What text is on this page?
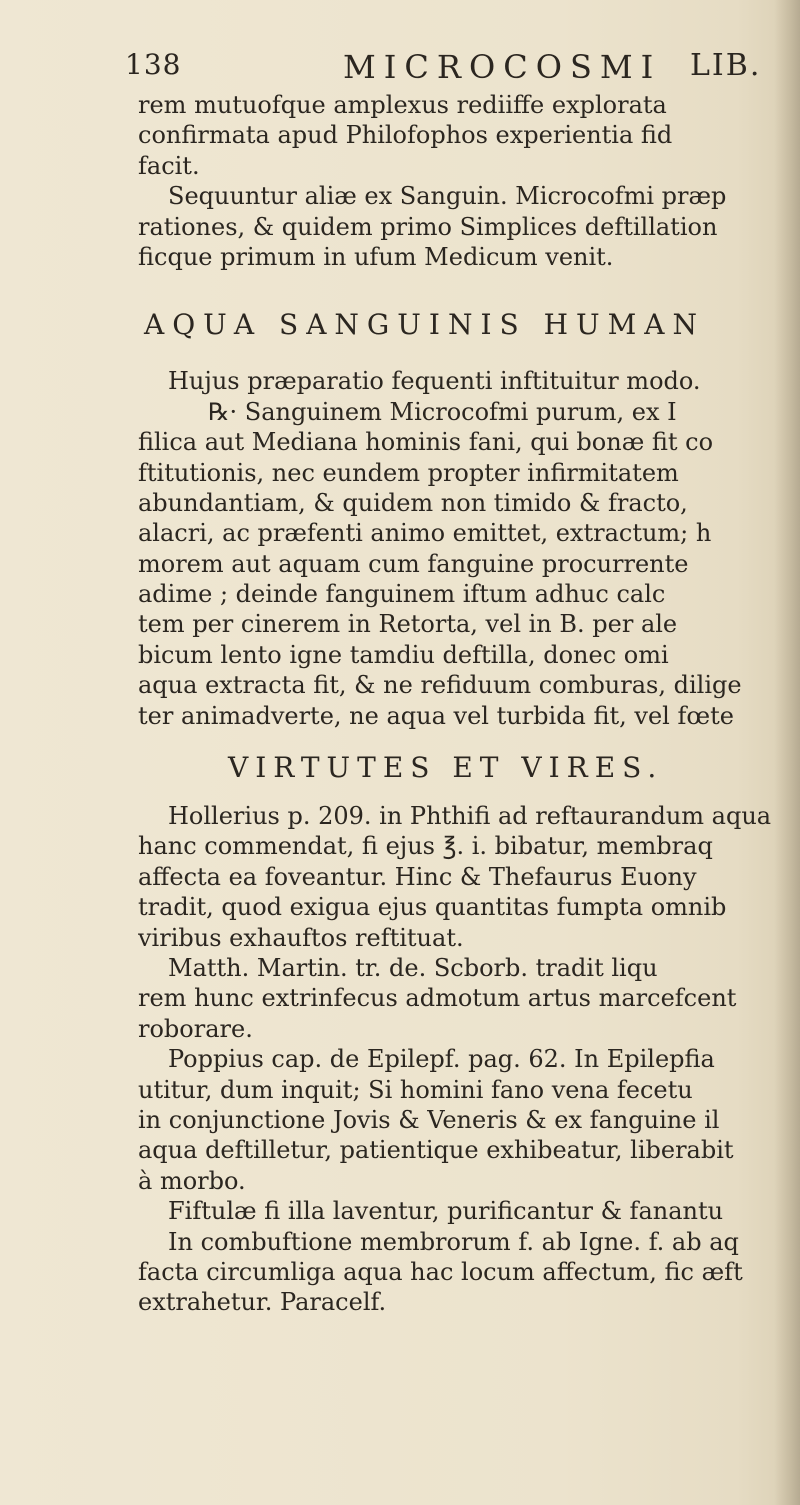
138	MICROCOSMI LIB.
rem mutuofque amplexus rediiffe explorata
confirmata apud Philofophos experientia fid
facit.
Sequuntur aliæ ex Sanguin. Microcofmi præp
rationes, & quidem primo Simplices deftillation
ficque primum in ufum Medicum venit.
AQUA SANGUINIS HUMAN
Hujus præparatio fequenti inftituitur modo.
℞· Sanguinem Microcofmi purum, ex I
filica aut Mediana hominis fani, qui bonæ fit co
ftitutionis, nec eundem propter infirmitatem
abundantiam, & quidem non timido & fracto,
alacri, ac præfenti animo emittet, extractum; h
morem aut aquam cum fanguine procurrente
adime ; deinde fanguinem iftum adhuc calc
tem per cinerem in Retorta, vel in B. per ale
bicum lento igne tamdiu deftilla, donec omi
aqua extracta fit, & ne refiduum comburas, dilige
ter animadverte, ne aqua vel turbida fit, vel fœte
VIRTUTES ET VIRES.
Hollerius p. 209. in Phthifi ad reftaurandum aqua
hanc commendat, fi ejus ℥. i. bibatur, membraq
affecta ea foveantur. Hinc & Thefaurus Euony
tradit, quod exigua ejus quantitas fumpta omnib
viribus exhauftos reftituat.
Matth. Martin. tr. de. Scborb. tradit liqu
rem hunc extrinfecus admotum artus marcefcent
roborare.
Poppius cap. de Epilepf. pag. 62. In Epilepfia
utitur, dum inquit; Si homini fano vena fecetu
in conjunctione Jovis & Veneris & ex fanguine il
aqua deftilletur, patientique exhibeatur, liberabit
à morbo.
Fiftulæ fi illa laventur, purificantur & fanantu
In combuftione membrorum f. ab Igne. f. ab aq
facta circumliga aqua hac locum affectum, fic æft
extrahetur. Paracelf.
